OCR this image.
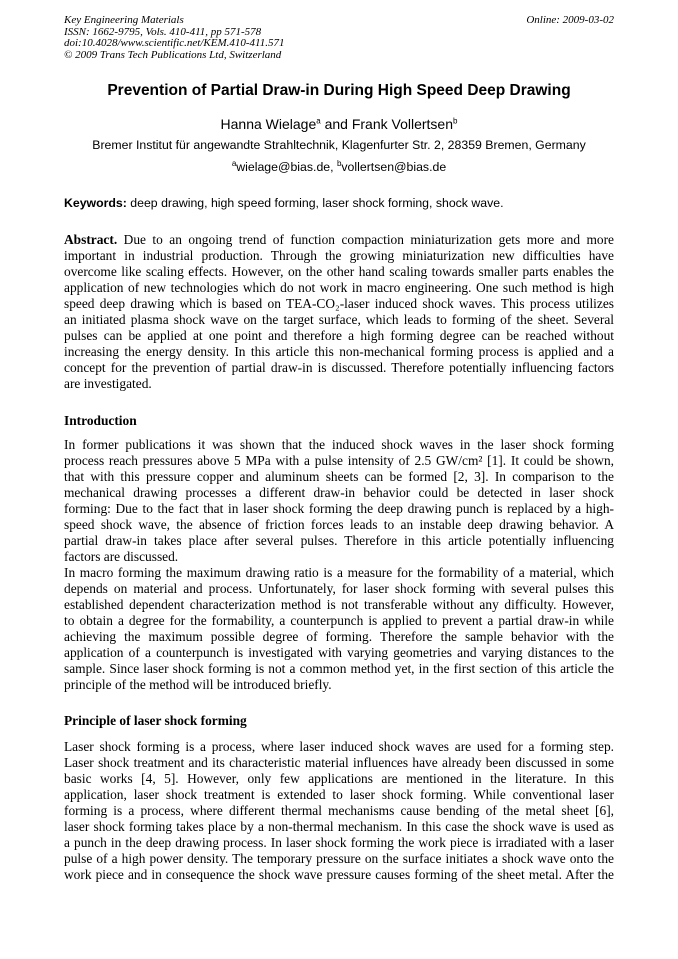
Key Engineering Materials
ISSN: 1662-9795, Vols. 410-411, pp 571-578
doi:10.4028/www.scientific.net/KEM.410-411.571
© 2009 Trans Tech Publications Ltd, Switzerland
Online: 2009-03-02
Prevention of Partial Draw-in During High Speed Deep Drawing
Hanna Wielage$^a$ and Frank Vollertsen$^b$
Bremer Institut für angewandte Strahltechnik, Klagenfurter Str. 2, 28359 Bremen, Germany
$^a$wielage@bias.de, $^b$vollertsen@bias.de
Keywords: deep drawing, high speed forming, laser shock forming, shock wave.
Abstract. Due to an ongoing trend of function compaction miniaturization gets more and more
important in industrial production. Through the growing miniaturization new difficulties have
overcome like scaling effects. However, on the other hand scaling towards smaller parts enables the
application of new technologies which do not work in macro engineering. One such method is high
speed deep drawing which is based on TEA-CO₂-laser induced shock waves. This process utilizes
an initiated plasma shock wave on the target surface, which leads to forming of the sheet. Several
pulses can be applied at one point and therefore a high forming degree can be reached without
increasing the energy density. In this article this non-mechanical forming process is applied and a
concept for the prevention of partial draw-in is discussed. Therefore potentially influencing factors
are investigated.
Introduction
In former publications it was shown that the induced shock waves in the laser shock forming
process reach pressures above 5 MPa with a pulse intensity of 2.5 GW/cm² [1]. It could be shown,
that with this pressure copper and aluminum sheets can be formed [2, 3]. In comparison to the
mechanical drawing processes a different draw-in behavior could be detected in laser shock
forming: Due to the fact that in laser shock forming the deep drawing punch is replaced by a high-
speed shock wave, the absence of friction forces leads to an instable deep drawing behavior. A
partial draw-in takes place after several pulses. Therefore in this article potentially influencing
factors are discussed.
In macro forming the maximum drawing ratio is a measure for the formability of a material, which
depends on material and process. Unfortunately, for laser shock forming with several pulses this
established dependent characterization method is not transferable without any difficulty. However,
to obtain a degree for the formability, a counterpunch is applied to prevent a partial draw-in while
achieving the maximum possible degree of forming. Therefore the sample behavior with the
application of a counterpunch is investigated with varying geometries and varying distances to the
sample. Since laser shock forming is not a common method yet, in the first section of this article the
principle of the method will be introduced briefly.
Principle of laser shock forming
Laser shock forming is a process, where laser induced shock waves are used for a forming step.
Laser shock treatment and its characteristic material influences have already been discussed in some
basic works [4, 5]. However, only few applications are mentioned in the literature. In this
application, laser shock treatment is extended to laser shock forming. While conventional laser
forming is a process, where different thermal mechanisms cause bending of the metal sheet [6],
laser shock forming takes place by a non-thermal mechanism. In this case the shock wave is used as
a punch in the deep drawing process. In laser shock forming the work piece is irradiated with a laser
pulse of a high power density. The temporary pressure on the surface initiates a shock wave onto the
work piece and in consequence the shock wave pressure causes forming of the sheet metal. After the
